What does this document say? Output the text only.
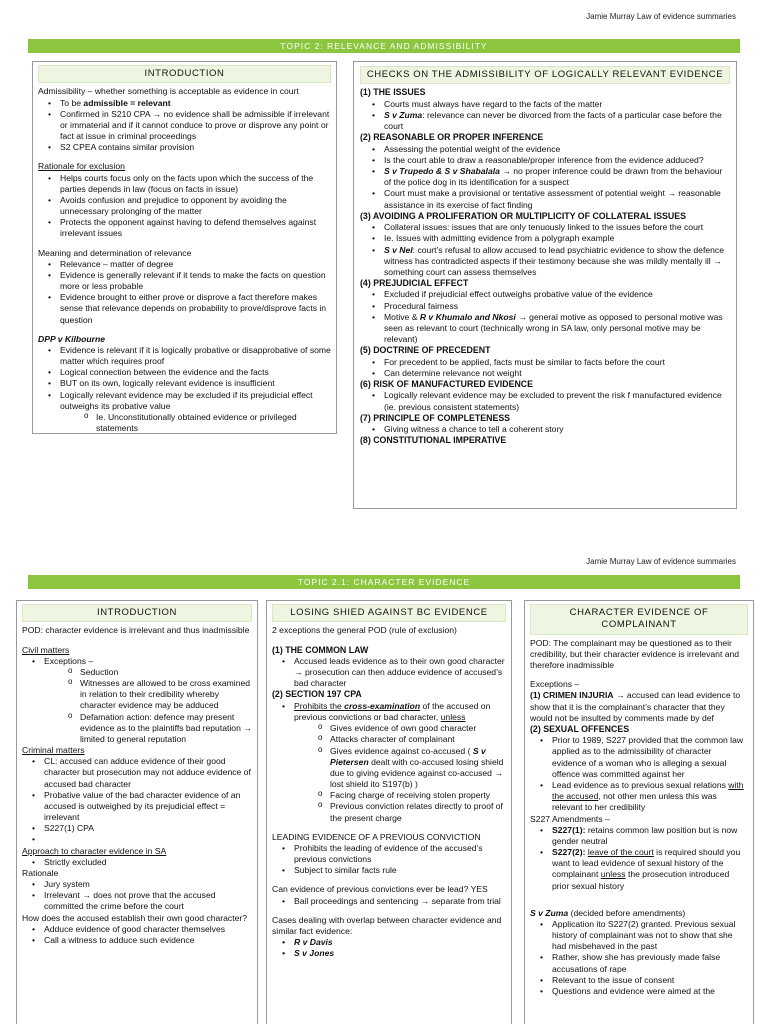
Jamie Murray Law of evidence summaries
TOPIC 2: RELEVANCE AND ADMISSIBILITY
INTRODUCTION

Admissibility – whether something is acceptable as evidence in court

• To be admissible = relevant
• Confirmed in S210 CPA → no evidence shall be admissible if irrelevant or immaterial and if it cannot conduce to prove or disprove any point or fact at issue in criminal proceedings
• S2 CPEA contains similar provision

Rationale for exclusion

• Helps courts focus only on the facts upon which the success of the parties depends in law (focus on facts in issue)
• Avoids confusion and prejudice to opponent by avoiding the unnecessary prolonging of the matter
• Protects the opponent against having to defend themselves against irrelevant issues

Meaning and determination of relevance

• Relevance – matter of degree
• Evidence is generally relevant if it tends to make the facts on question more or less probable
• Evidence brought to either prove or disprove a fact therefore makes sense that relevance depends on probability to prove/disprove facts in question

DPP v Kilbourne

• Evidence is relevant if it is logically probative or disapprobative of some matter which requires proof
• Logical connection between the evidence and the facts
• BUT on its own, logically relevant evidence is insufficient
• Logically relevant evidence may be excluded if its prejudicial effect outweighs its probative value
o Ie. Unconstitutionally obtained evidence or privileged statements
CHECKS ON THE ADMISSIBILITY OF LOGICALLY RELEVANT EVIDENCE
(1) THE ISSUES
• Courts must always have regard to the facts of the matter
• S v Zuma: relevance can never be divorced from the facts of a particular case before the court
(2) REASONABLE OR PROPER INFERENCE
• Assessing the potential weight of the evidence
• Is the court able to draw a reasonable/proper inference from the evidence adduced?
• S v Trupedo & S v Shabalala → no proper inference could be drawn from the behaviour of the police dog in its identification for a suspect
• Court must make a provisional or tentative assessment of potential weight → reasonable assistance in its exercise of fact finding
(3) AVOIDING A PROLIFERATION OR MULTIPLICITY OF COLLATERAL ISSUES
• Collateral issues: issues that are only tenuously linked to the issues before the court
• Ie. Issues with admitting evidence from a polygraph example
• S v Nel: court’s refusal to allow accused to lead psychiatric evidence to show the defence witness has contradicted aspects if their testimony because she was mildly mentally ill → something court can assess themselves
(4) PREJUDICIAL EFFECT
• Excluded if prejudicial effect outweighs probative value of the evidence
• Procedural fairness
• Motive & R v Khumalo and Nkosi → general motive as opposed to personal motive was seen as relevant to court (technically wrong in SA law, only personal motive may be relevant)
(5) DOCTRINE OF PRECEDENT
• For precedent to be applied, facts must be similar to facts before the court
• Can determine relevance not weight
(6) RISK OF MANUFACTURED EVIDENCE
• Logically relevant evidence may be excluded to prevent the risk f manufactured evidence (ie. previous consistent statements)
(7) PRINCIPLE OF COMPLETENESS
• Giving witness a chance to tell a coherent story
(8) CONSTITUTIONAL IMPERATIVE
Jamie Murray Law of evidence summaries
TOPIC 2.1: CHARACTER EVIDENCE
INTRODUCTION

POD: character evidence is irrelevant and thus inadmissible

Civil matters

• Exceptions –
o Seduction
o Witnesses are allowed to be cross examined in relation to their credibility whereby character evidence may be adduced
o Defamation action: defence may present evidence as to the plaintiffs bad reputation → limited to general reputation

Criminal matters

• CL: accused can adduce evidence of their good character but prosecution may not adduce evidence of accused bad character
• Probative value of the bad character evidence of an accused is outweighed by its prejudicial effect = irrelevant
• S227(1) CPA
•

Approach to character evidence in SA

• Strictly excluded

Rationale

• Jury system
• Irrelevant → does not prove that the accused committed the crime before the court

How does the accused establish their own good character?

• Adduce evidence of good character themselves
• Call a witness to adduce such evidence
LOSING SHIED AGAINST BC EVIDENCE

2 exceptions the general POD (rule of exclusion)

(1) THE COMMON LAW
• Accused leads evidence as to their own good character → prosecution can then adduce evidence of accused’s bad character
(2) SECTION 197 CPA
• Prohibits the cross-examination of the accused on previous convictions or bad character, unless
o Gives evidence of own good character
o Attacks character of complainant
o Gives evidence against co-accused ( S v Pietersen dealt with co-accused losing shield due to giving evidence against co-accused → lost shield ito S197(b) )
o Facing charge of receiving stolen property
o Previous conviction relates directly to proof of the present charge

LEADING EVIDENCE OF A PREVIOUS CONVICTION

• Prohibits the leading of evidence of the accused’s previous convictions
• Subject to similar facts rule

Can evidence of previous convictions ever be lead? YES

• Bail proceedings and sentencing → separate from trial

Cases dealing with overlap between character evidence and similar fact evidence:

• R v Davis
• S v Jones
CHARACTER EVIDENCE OF COMPLAINANT

POD: The complainant may be questioned as to their credibility, but their character evidence is irrelevant and therefore inadmissible

Exceptions –

(1) CRIMEN INJURIA → accused can lead evidence to show that it is the complainant’s character that they would not be insulted by comments made by def

(2) SEXUAL OFFENCES
• Prior to 1989, S227 provided that the common law applied as to the admissibility of character evidence of a woman who is alleging a sexual offence was committed against her
• Lead evidence as to previous sexual relations with the accused, not other men unless this was relevant to her credibility

S227 Amendments –

• S227(1): retains common law position but is now gender neutral
• S227(2): leave of the court is required should you want to lead evidence of sexual history of the complainant unless the prosecution introduced prior sexual history

S v Zuma (decided before amendments)

• Application ito S227(2) granted. Previous sexual history of complainant was not to show that she had misbehaved in the past
• Rather, show she has previously made false accusations of rape
• Relevant to the issue of consent
• Questions and evidence were aimed at the
